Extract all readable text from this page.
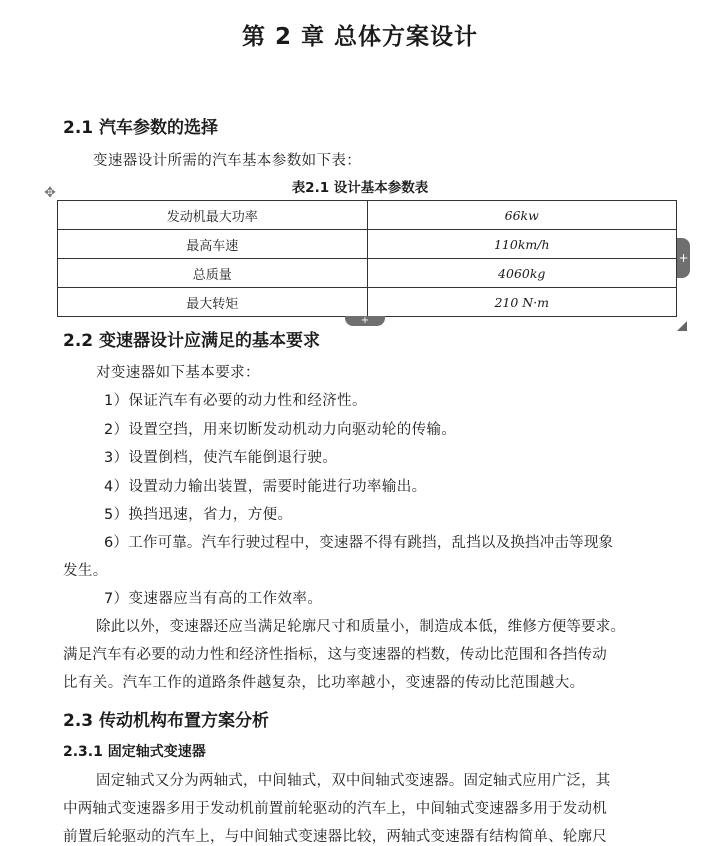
第 2 章 总体方案设计
2.1 汽车参数的选择
变速器设计所需的汽车基本参数如下表：
表2.1 设计基本参数表
✥
发动机最大功率	66kw
最高车速	110km/h
总质量	4060kg
最大转矩	210 N·m
+
+
2.2 变速器设计应满足的基本要求
对变速器如下基本要求：
1）保证汽车有必要的动力性和经济性。
2）设置空挡，用来切断发动机动力向驱动轮的传输。
3）设置倒档，使汽车能倒退行驶。
4）设置动力输出装置，需要时能进行功率输出。
5）换挡迅速，省力，方便。
6）工作可靠。汽车行驶过程中，变速器不得有跳挡，乱挡以及换挡冲击等现象
发生。
7）变速器应当有高的工作效率。
除此以外，变速器还应当满足轮廓尺寸和质量小，制造成本低，维修方便等要求。
满足汽车有必要的动力性和经济性指标，这与变速器的档数，传动比范围和各挡传动
比有关。汽车工作的道路条件越复杂，比功率越小，变速器的传动比范围越大。
2.3 传动机构布置方案分析
2.3.1 固定轴式变速器
固定轴式又分为两轴式，中间轴式，双中间轴式变速器。固定轴式应用广泛，其
中两轴式变速器多用于发动机前置前轮驱动的汽车上，中间轴式变速器多用于发动机
前置后轮驱动的汽车上，与中间轴式变速器比较，两轴式变速器有结构简单、轮廓尺
